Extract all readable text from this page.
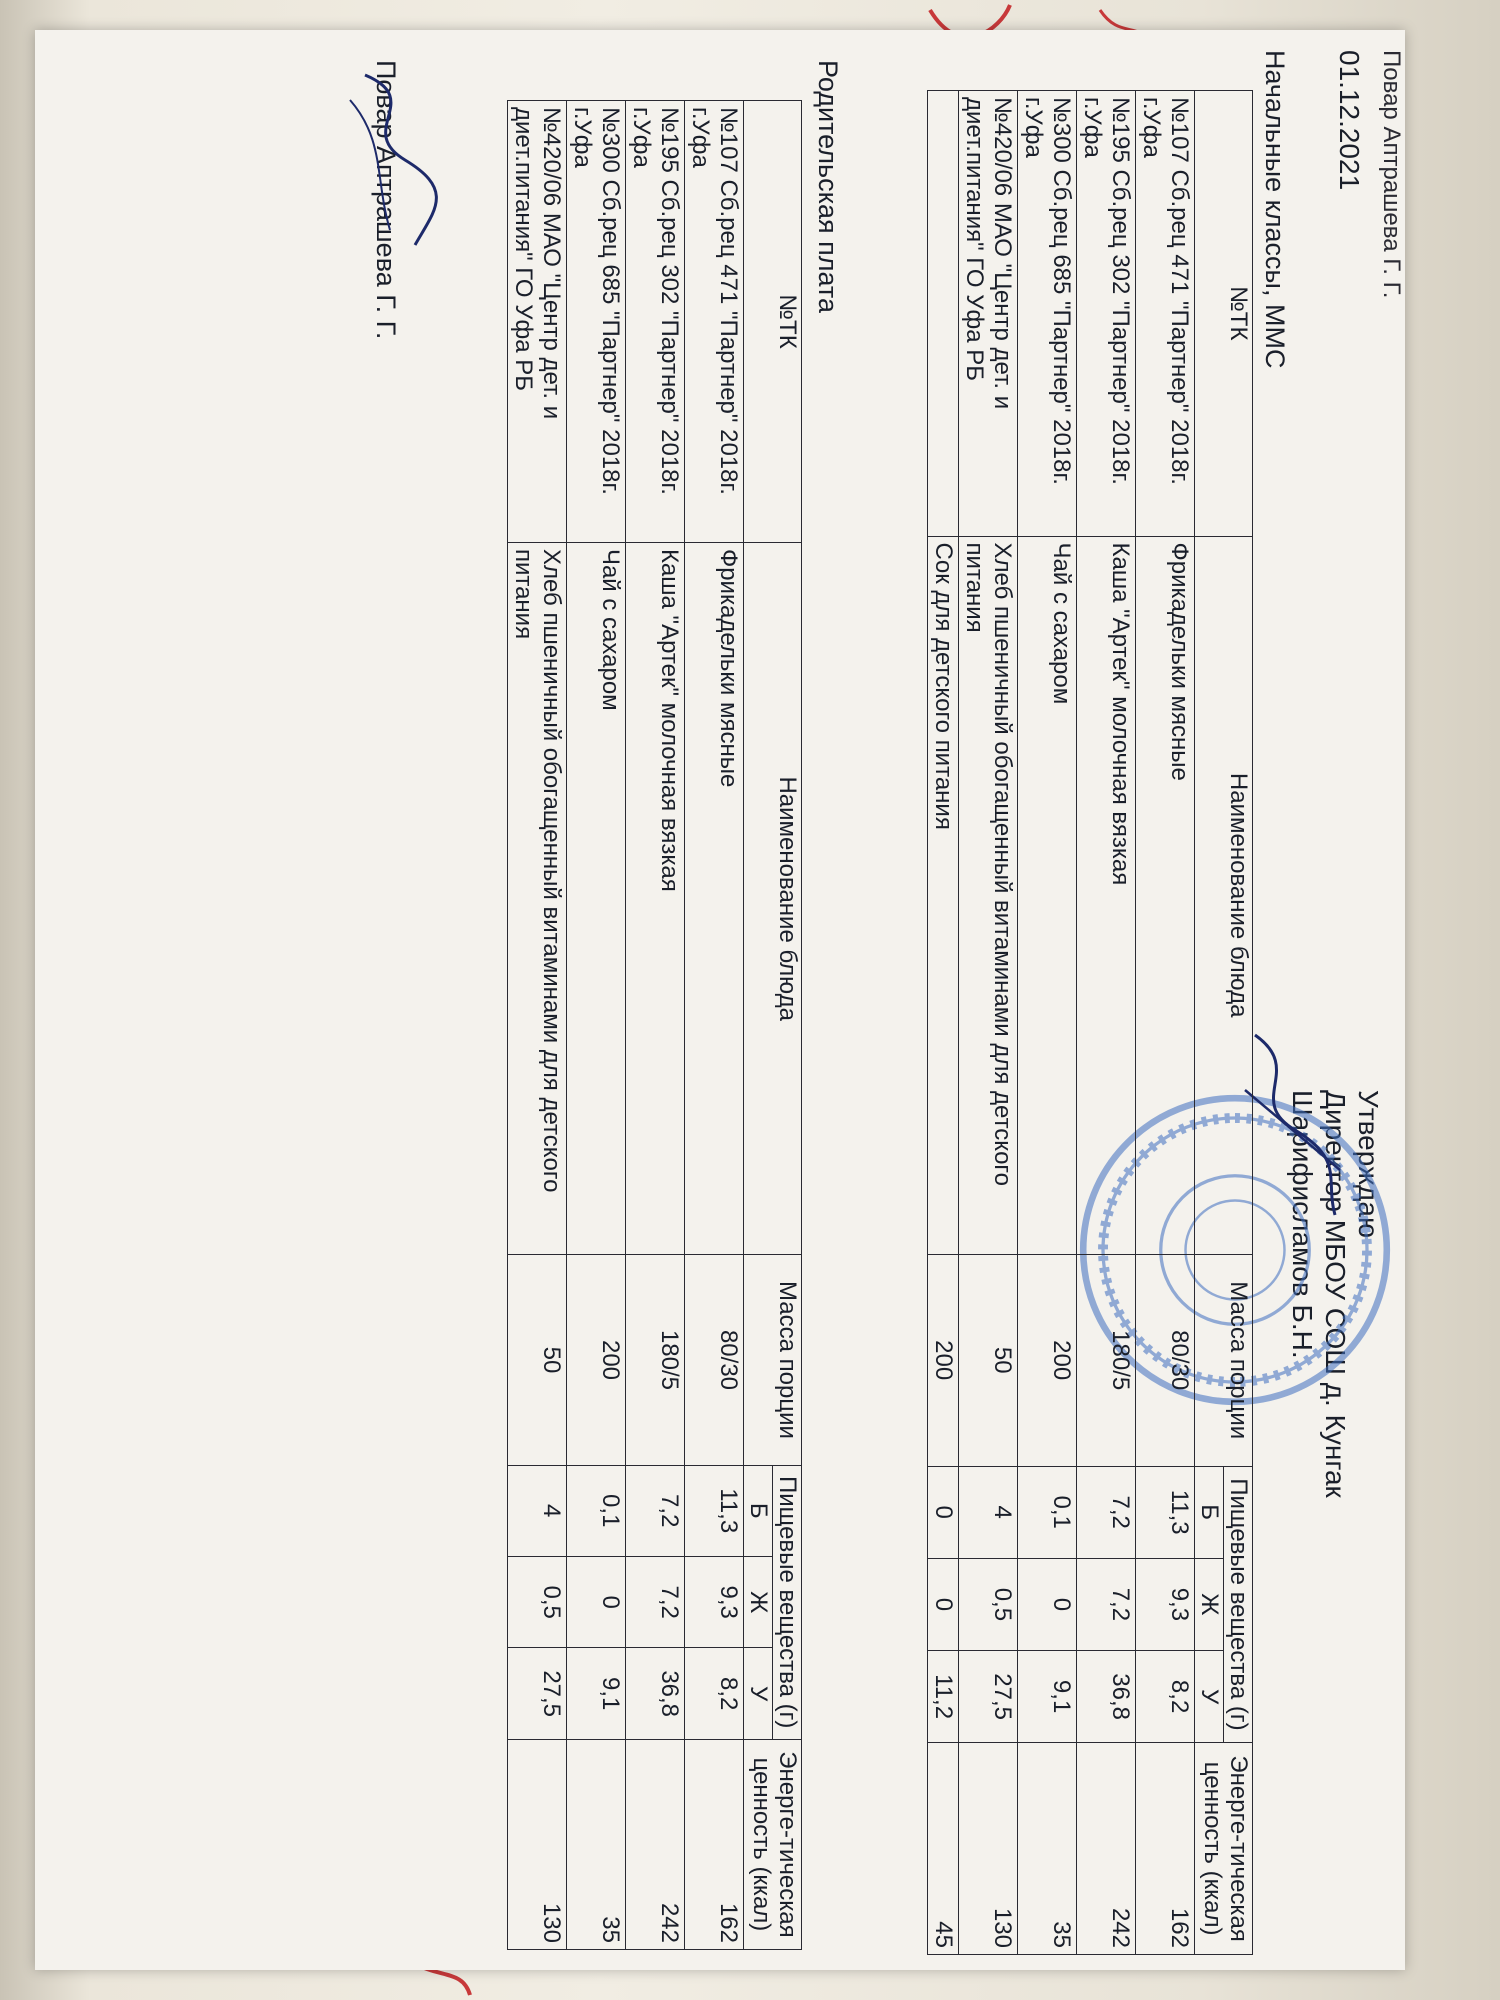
Повар Аптрашева Г. Г.
01.12.2021
Утверждаю
Директор МБОУ СОШ д. Кунгак
Шарифисламов Б.Н.
Начальные классы, ММС
№ТК	Наименование блюда	Масса порции	Пищевые вещества (г)			Энерге-тическая ценность (ккал)
			Б	Ж	У	
№107 Сб.рец 471 "Партнер" 2018г. г.Уфа	Фрикадельки мясные	80/30	11,3	9,3	8,2	162
№195 Сб.рец 302 "Партнер" 2018г. г.Уфа	Каша "Артек" молочная вязкая	180/5	7,2	7,2	36,8	242
№300 Сб.рец 685 "Партнер" 2018г. г.Уфа	Чай с сахаром	200	0,1	0	9,1	35
№420/06 МАО "Центр дет. и диет.питания" ГО Уфа РБ	Хлеб пшеничный обогащенный витаминами для детского питания	50	4	0,5	27,5	130
	Сок для детского питания	200	0	0	11,2	45
Родительская плата
№ТК	Наименование блюда	Масса порции	Пищевые вещества (г)			Энерге-тическая ценность (ккал)
			Б	Ж	У	
№107 Сб.рец 471 "Партнер" 2018г. г.Уфа	Фрикадельки мясные	80/30	11,3	9,3	8,2	162
№195 Сб.рец 302 "Партнер" 2018г. г.Уфа	Каша "Артек" молочная вязкая	180/5	7,2	7,2	36,8	242
№300 Сб.рец 685 "Партнер" 2018г. г.Уфа	Чай с сахаром	200	0,1	0	9,1	35
№420/06 МАО "Центр дет. и диет.питания" ГО Уфа РБ	Хлеб пшеничный обогащенный витаминами для детского питания	50	4	0,5	27,5	130
Повар Аптрашева Г. Г.
